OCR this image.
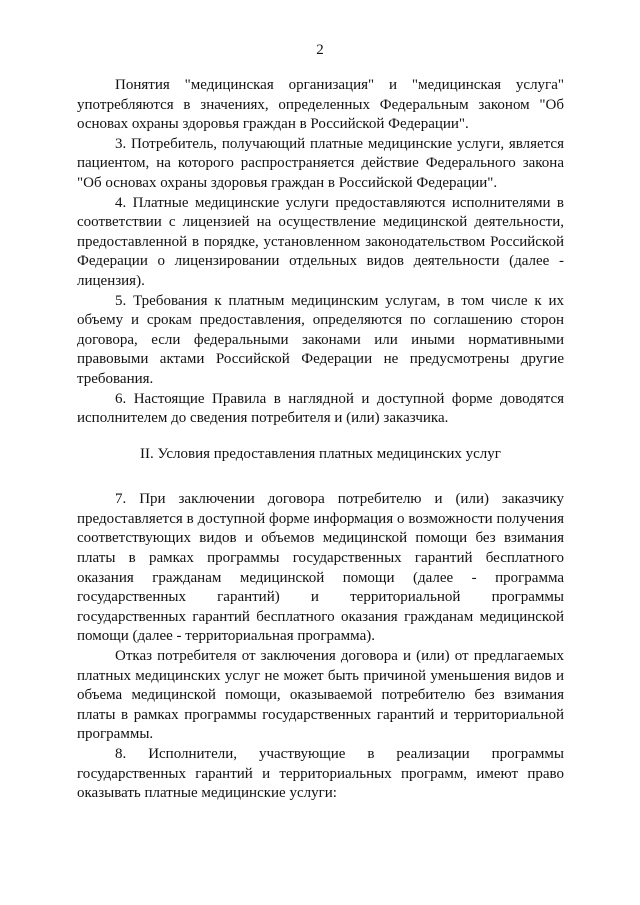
2

Понятия "медицинская организация" и "медицинская услуга" употребляются в значениях, определенных Федеральным законом "Об основах охраны здоровья граждан в Российской Федерации".

3. Потребитель, получающий платные медицинские услуги, является пациентом, на которого распространяется действие Федерального закона "Об основах охраны здоровья граждан в Российской Федерации".

4. Платные медицинские услуги предоставляются исполнителями в соответствии с лицензией на осуществление медицинской деятельности, предоставленной в порядке, установленном законодательством Российской Федерации о лицензировании отдельных видов деятельности (далее - лицензия).

5. Требования к платным медицинским услугам, в том числе к их объему и срокам предоставления, определяются по соглашению сторон договора, если федеральными законами или иными нормативными правовыми актами Российской Федерации не предусмотрены другие требования.

6. Настоящие Правила в наглядной и доступной форме доводятся исполнителем до сведения потребителя и (или) заказчика.

II. Условия предоставления платных медицинских услуг

7. При заключении договора потребителю и (или) заказчику предоставляется в доступной форме информация о возможности получения соответствующих видов и объемов медицинской помощи без взимания платы в рамках программы государственных гарантий бесплатного оказания гражданам медицинской помощи (далее - программа государственных гарантий) и территориальной программы государственных гарантий бесплатного оказания гражданам медицинской помощи (далее - территориальная программа).

Отказ потребителя от заключения договора и (или) от предлагаемых платных медицинских услуг не может быть причиной уменьшения видов и объема медицинской помощи, оказываемой потребителю без взимания платы в рамках программы государственных гарантий и территориальной программы.

8. Исполнители, участвующие в реализации программы государственных гарантий и территориальных программ, имеют право оказывать платные медицинские услуги:
